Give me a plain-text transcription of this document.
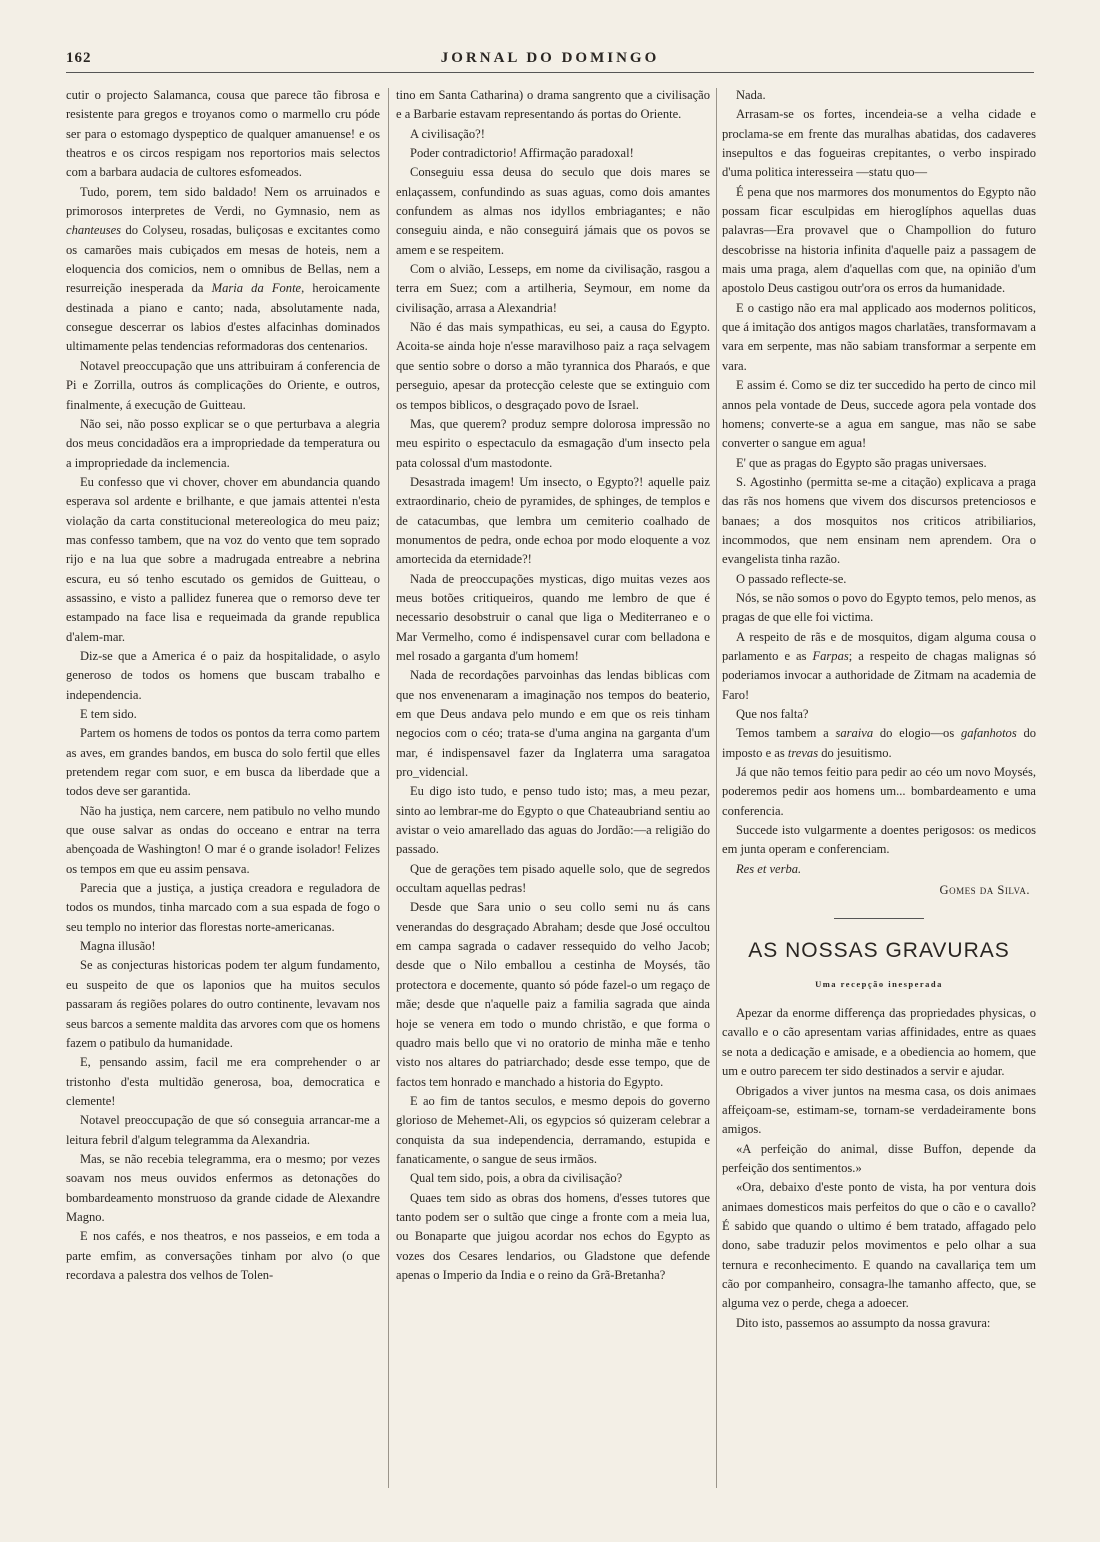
162	JORNAL DO DOMINGO

cutir o projecto Salamanca, cousa que parece tão fibrosa e resistente para gregos e troyanos como o marmello cru póde ser para o estomago dyspeptico de qualquer amanuense! e os theatros e os circos respigam nos reportorios mais selectos com a barbara audacia de cultores esfomeados.

Tudo, porem, tem sido baldado! Nem os arruinados e primorosos interpretes de Verdi, no Gymnasio, nem as chanteuses do Colyseu, rosadas, buliçosas e excitantes como os camarões mais cubiçados em mesas de hoteis, nem a eloquencia dos comicios, nem o omnibus de Bellas, nem a resurreição inesperada da Maria da Fonte, heroicamente destinada a piano e canto; nada, absolutamente nada, consegue descerrar os labios d'estes alfacinhas dominados ultimamente pelas tendencias reformadoras dos centenarios.

Notavel preoccupação que uns attribuiram á conferencia de Pi e Zorrilla, outros ás complicações do Oriente, e outros, finalmente, á execução de Guitteau.

Não sei, não posso explicar se o que perturbava a alegria dos meus concidadãos era a impropriedade da temperatura ou a impropriedade da inclemencia.

Eu confesso que vi chover, chover em abundancia quando esperava sol ardente e brilhante, e que jamais attentei n'esta violação da carta constitucional metereologica do meu paiz; mas confesso tambem, que na voz do vento que tem soprado rijo e na lua que sobre a madrugada entreabre a nebrina escura, eu só tenho escutado os gemidos de Guitteau, o assassino, e visto a pallidez funerea que o remorso deve ter estampado na face lisa e requeimada da grande republica d'alem-mar.

Diz-se que a America é o paiz da hospitalidade, o asylo generoso de todos os homens que buscam trabalho e independencia.

E tem sido.

Partem os homens de todos os pontos da terra como partem as aves, em grandes bandos, em busca do solo fertil que elles pretendem regar com suor, e em busca da liberdade que a todos deve ser garantida.

Não ha justiça, nem carcere, nem patibulo no velho mundo que ouse salvar as ondas do occeano e entrar na terra abençoada de Washington! O mar é o grande isolador! Felizes os tempos em que eu assim pensava.

Parecia que a justiça, a justiça creadora e reguladora de todos os mundos, tinha marcado com a sua espada de fogo o seu templo no interior das florestas norte-americanas.

Magna illusão!

Se as conjecturas historicas podem ter algum fundamento, eu suspeito de que os laponios que ha muitos seculos passaram ás regiões polares do outro continente, levavam nos seus barcos a semente maldita das arvores com que os homens fazem o patibulo da humanidade.

E, pensando assim, facil me era comprehender o ar tristonho d'esta multidão generosa, boa, democratica e clemente!

Notavel preoccupação de que só conseguia arrancar-me a leitura febril d'algum telegramma da Alexandria.

Mas, se não recebia telegramma, era o mesmo; por vezes soavam nos meus ouvidos enfermos as detonações do bombardeamento monstruoso da grande cidade de Alexandre Magno.

E nos cafés, e nos theatros, e nos passeios, e em toda a parte emfim, as conversações tinham por alvo (o que recordava a palestra dos velhos de Tolen-

tino em Santa Catharina) o drama sangrento que a civilisação e a Barbarie estavam representando ás portas do Oriente.

A civilisação?!

Poder contradictorio! Affirmação paradoxal!

Conseguiu essa deusa do seculo que dois mares se enlaçassem, confundindo as suas aguas, como dois amantes confundem as almas nos idyllos embriagantes; e não conseguiu ainda, e não conseguirá jámais que os povos se amem e se respeitem.

Com o alvião, Lesseps, em nome da civilisação, rasgou a terra em Suez; com a artilheria, Seymour, em nome da civilisação, arrasa a Alexandria!

Não é das mais sympathicas, eu sei, a causa do Egypto. Acoita-se ainda hoje n'esse maravilhoso paiz a raça selvagem que sentio sobre o dorso a mão tyrannica dos Pharaós, e que perseguio, apesar da protecção celeste que se extinguio com os tempos biblicos, o desgraçado povo de Israel.

Mas, que querem? produz sempre dolorosa impressão no meu espirito o espectaculo da esmagação d'um insecto pela pata colossal d'um mastodonte.

Desastrada imagem! Um insecto, o Egypto?! aquelle paiz extraordinario, cheio de pyramides, de sphinges, de templos e de catacumbas, que lembra um cemiterio coalhado de monumentos de pedra, onde echoa por modo eloquente a voz amortecida da eternidade?!

Nada de preoccupações mysticas, digo muitas vezes aos meus botões critiqueiros, quando me lembro de que é necessario desobstruir o canal que liga o Mediterraneo e o Mar Vermelho, como é indispensavel curar com belladona e mel rosado a garganta d'um homem!

Nada de recordações parvoinhas das lendas biblicas com que nos envenenaram a imaginação nos tempos do beaterio, em que Deus andava pelo mundo e em que os reis tinham negocios com o céo; trata-se d'uma angina na garganta d'um mar, é indispensavel fazer da Inglaterra uma saragatoa pro_videncial.

Eu digo isto tudo, e penso tudo isto; mas, a meu pezar, sinto ao lembrar-me do Egypto o que Chateaubriand sentiu ao avistar o veio amarellado das aguas do Jordão:—a religião do passado.

Que de gerações tem pisado aquelle solo, que de segredos occultam aquellas pedras!

Desde que Sara unio o seu collo semi nu ás cans venerandas do desgraçado Abraham; desde que José occultou em campa sagrada o cadaver ressequido do velho Jacob; desde que o Nilo emballou a cestinha de Moysés, tão protectora e docemente, quanto só póde fazel-o um regaço de mãe; desde que n'aquelle paiz a familia sagrada que ainda hoje se venera em todo o mundo christão, e que forma o quadro mais bello que vi no oratorio de minha mãe e tenho visto nos altares do patriarchado; desde esse tempo, que de factos tem honrado e manchado a historia do Egypto.

E ao fim de tantos seculos, e mesmo depois do governo glorioso de Mehemet-Ali, os egypcios só quizeram celebrar a conquista da sua independencia, derramando, estupida e fanaticamente, o sangue de seus irmãos.

Qual tem sido, pois, a obra da civilisação?

Quaes tem sido as obras dos homens, d'esses tutores que tanto podem ser o sultão que cinge a fronte com a meia lua, ou Bonaparte que juigou acordar nos echos do Egypto as vozes dos Cesares lendarios, ou Gladstone que defende apenas o Imperio da India e o reino da Grã-Bretanha?

Nada.

Arrasam-se os fortes, incendeia-se a velha cidade e proclama-se em frente das muralhas abatidas, dos cadaveres insepultos e das fogueiras crepitantes, o verbo inspirado d'uma politica interesseira —statu quo—

É pena que nos marmores dos monumentos do Egypto não possam ficar esculpidas em hieroglíphos aquellas duas palavras—Era provavel que o Champollion do futuro descobrisse na historia infinita d'aquelle paiz a passagem de mais uma praga, alem d'aquellas com que, na opinião d'um apostolo Deus castigou outr'ora os erros da humanidade.

E o castigo não era mal applicado aos modernos politicos, que á imitação dos antigos magos charlatães, transformavam a vara em serpente, mas não sabiam transformar a serpente em vara.

E assim é. Como se diz ter succedido ha perto de cinco mil annos pela vontade de Deus, succede agora pela vontade dos homens; converte-se a agua em sangue, mas não se sabe converter o sangue em agua!

E' que as pragas do Egypto são pragas universaes.

S. Agostinho (permitta se-me a citação) explicava a praga das rãs nos homens que vivem dos discursos pretenciosos e banaes; a dos mosquitos nos criticos atribiliarios, incommodos, que nem ensinam nem aprendem. Ora o evangelista tinha razão.

O passado reflecte-se.

Nós, se não somos o povo do Egypto temos, pelo menos, as pragas de que elle foi victima.

A respeito de rãs e de mosquitos, digam alguma cousa o parlamento e as Farpas; a respeito de chagas malignas só poderiamos invocar a authoridade de Zitmam na academia de Faro!

Que nos falta?

Temos tambem a saraiva do elogio—os gafanhotos do imposto e as trevas do jesuitismo.

Já que não temos feitio para pedir ao céo um novo Moysés, poderemos pedir aos homens um... bombardeamento e uma conferencia.

Succede isto vulgarmente a doentes perigosos: os medicos em junta operam e conferenciam.

Res et verba.

Gomes da Silva.
AS NOSSAS GRAVURAS
Uma recepção inesperada

Apezar da enorme differença das propriedades physicas, o cavallo e o cão apresentam varias affinidades, entre as quaes se nota a dedicação e amisade, e a obediencia ao homem, que um e outro parecem ter sido destinados a servir e ajudar.

Obrigados a viver juntos na mesma casa, os dois animaes affeiçoam-se, estimam-se, tornam-se verdadeiramente bons amigos.

«A perfeição do animal, disse Buffon, depende da perfeição dos sentimentos.»

«Ora, debaixo d'este ponto de vista, ha por ventura dois animaes domesticos mais perfeitos do que o cão e o cavallo? É sabido que quando o ultimo é bem tratado, affagado pelo dono, sabe traduzir pelos movimentos e pelo olhar a sua ternura e reconhecimento. E quando na cavallariça tem um cão por companheiro, consagra-lhe tamanho affecto, que, se alguma vez o perde, chega a adoecer.

Dito isto, passemos ao assumpto da nossa gravura:
